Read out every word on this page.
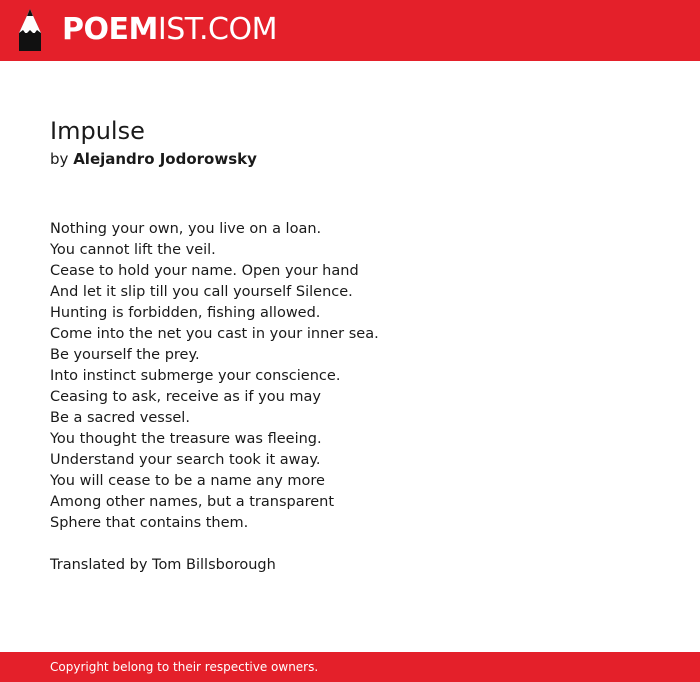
POEMIST.COM
Impulse
by Alejandro Jodorowsky
Nothing your own, you live on a loan.
You cannot lift the veil.
Cease to hold your name. Open your hand
And let it slip till you call yourself Silence.
Hunting is forbidden, fishing allowed.
Come into the net you cast in your inner sea.
Be yourself the prey.
Into instinct submerge your conscience.
Ceasing to ask, receive as if you may
Be a sacred vessel.
You thought the treasure was fleeing.
Understand your search took it away.
You will cease to be a name any more
Among other names, but a transparent
Sphere that contains them.
Translated by Tom Billsborough
Copyright belong to their respective owners.
